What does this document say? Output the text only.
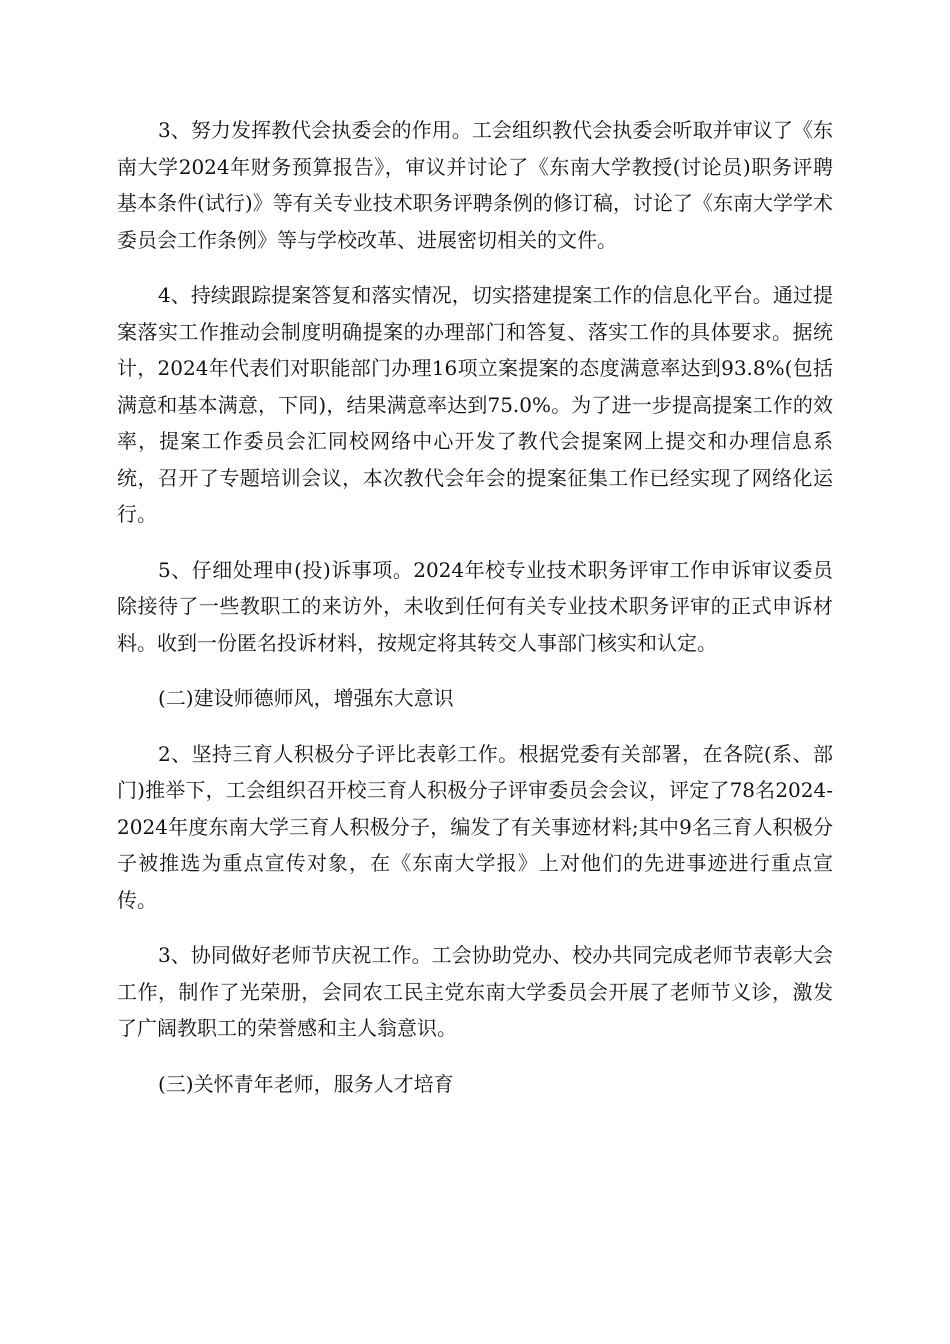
3、努力发挥教代会执委会的作用。工会组织教代会执委会听取并审议了《东南大学2024年财务预算报告》，审议并讨论了《东南大学教授(讨论员)职务评聘基本条件(试行)》等有关专业技术职务评聘条例的修订稿，讨论了《东南大学学术委员会工作条例》等与学校改革、进展密切相关的文件。

4、持续跟踪提案答复和落实情况，切实搭建提案工作的信息化平台。通过提案落实工作推动会制度明确提案的办理部门和答复、落实工作的具体要求。据统计，2024年代表们对职能部门办理16项立案提案的态度满意率达到93.8%(包括满意和基本满意，下同)，结果满意率达到75.0%。为了进一步提高提案工作的效率，提案工作委员会汇同校网络中心开发了教代会提案网上提交和办理信息系统，召开了专题培训会议，本次教代会年会的提案征集工作已经实现了网络化运行。

5、仔细处理申(投)诉事项。2024年校专业技术职务评审工作申诉审议委员除接待了一些教职工的来访外，未收到任何有关专业技术职务评审的正式申诉材料。收到一份匿名投诉材料，按规定将其转交人事部门核实和认定。

(二)建设师德师风，增强东大意识

2、坚持三育人积极分子评比表彰工作。根据党委有关部署，在各院(系、部门)推举下，工会组织召开校三育人积极分子评审委员会会议，评定了78名2024-2024年度东南大学三育人积极分子，编发了有关事迹材料;其中9名三育人积极分子被推选为重点宣传对象，在《东南大学报》上对他们的先进事迹进行重点宣传。

3、协同做好老师节庆祝工作。工会协助党办、校办共同完成老师节表彰大会工作，制作了光荣册，会同农工民主党东南大学委员会开展了老师节义诊，激发了广阔教职工的荣誉感和主人翁意识。

(三)关怀青年老师，服务人才培育
